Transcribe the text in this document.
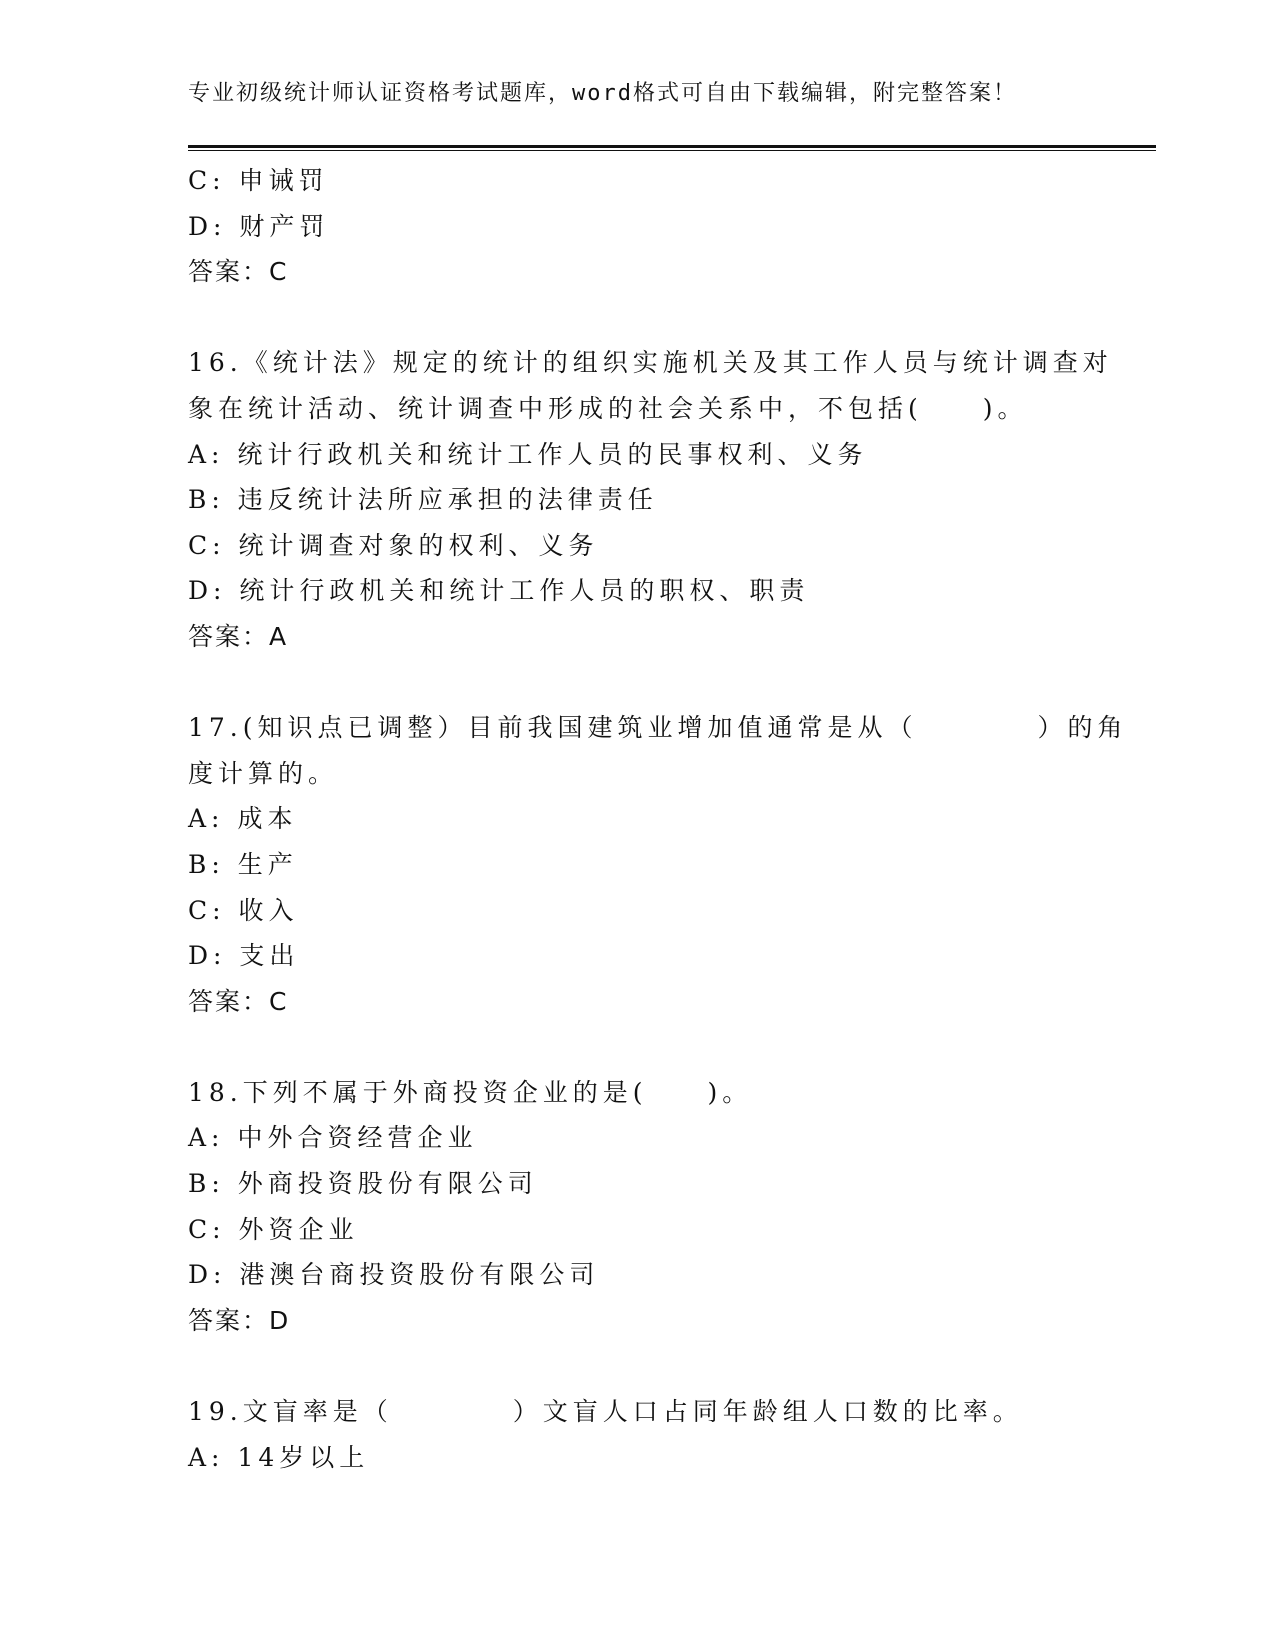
专业初级统计师认证资格考试题库，word格式可自由下载编辑，附完整答案！
C: 申诫罚
D: 财产罚
答案：C
16.《统计法》规定的统计的组织实施机关及其工作人员与统计调查对
象在统计活动、统计调查中形成的社会关系中，不包括(　　)。
A: 统计行政机关和统计工作人员的民事权利、义务
B: 违反统计法所应承担的法律责任
C: 统计调查对象的权利、义务
D: 统计行政机关和统计工作人员的职权、职责
答案：A
17.(知识点已调整）目前我国建筑业增加值通常是从（　　　　）的角
度计算的。
A: 成本
B: 生产
C: 收入
D: 支出
答案：C
18.下列不属于外商投资企业的是(　　)。
A: 中外合资经营企业
B: 外商投资股份有限公司
C: 外资企业
D: 港澳台商投资股份有限公司
答案：D
19.文盲率是（　　　　）文盲人口占同年龄组人口数的比率。
A: 14岁以上
